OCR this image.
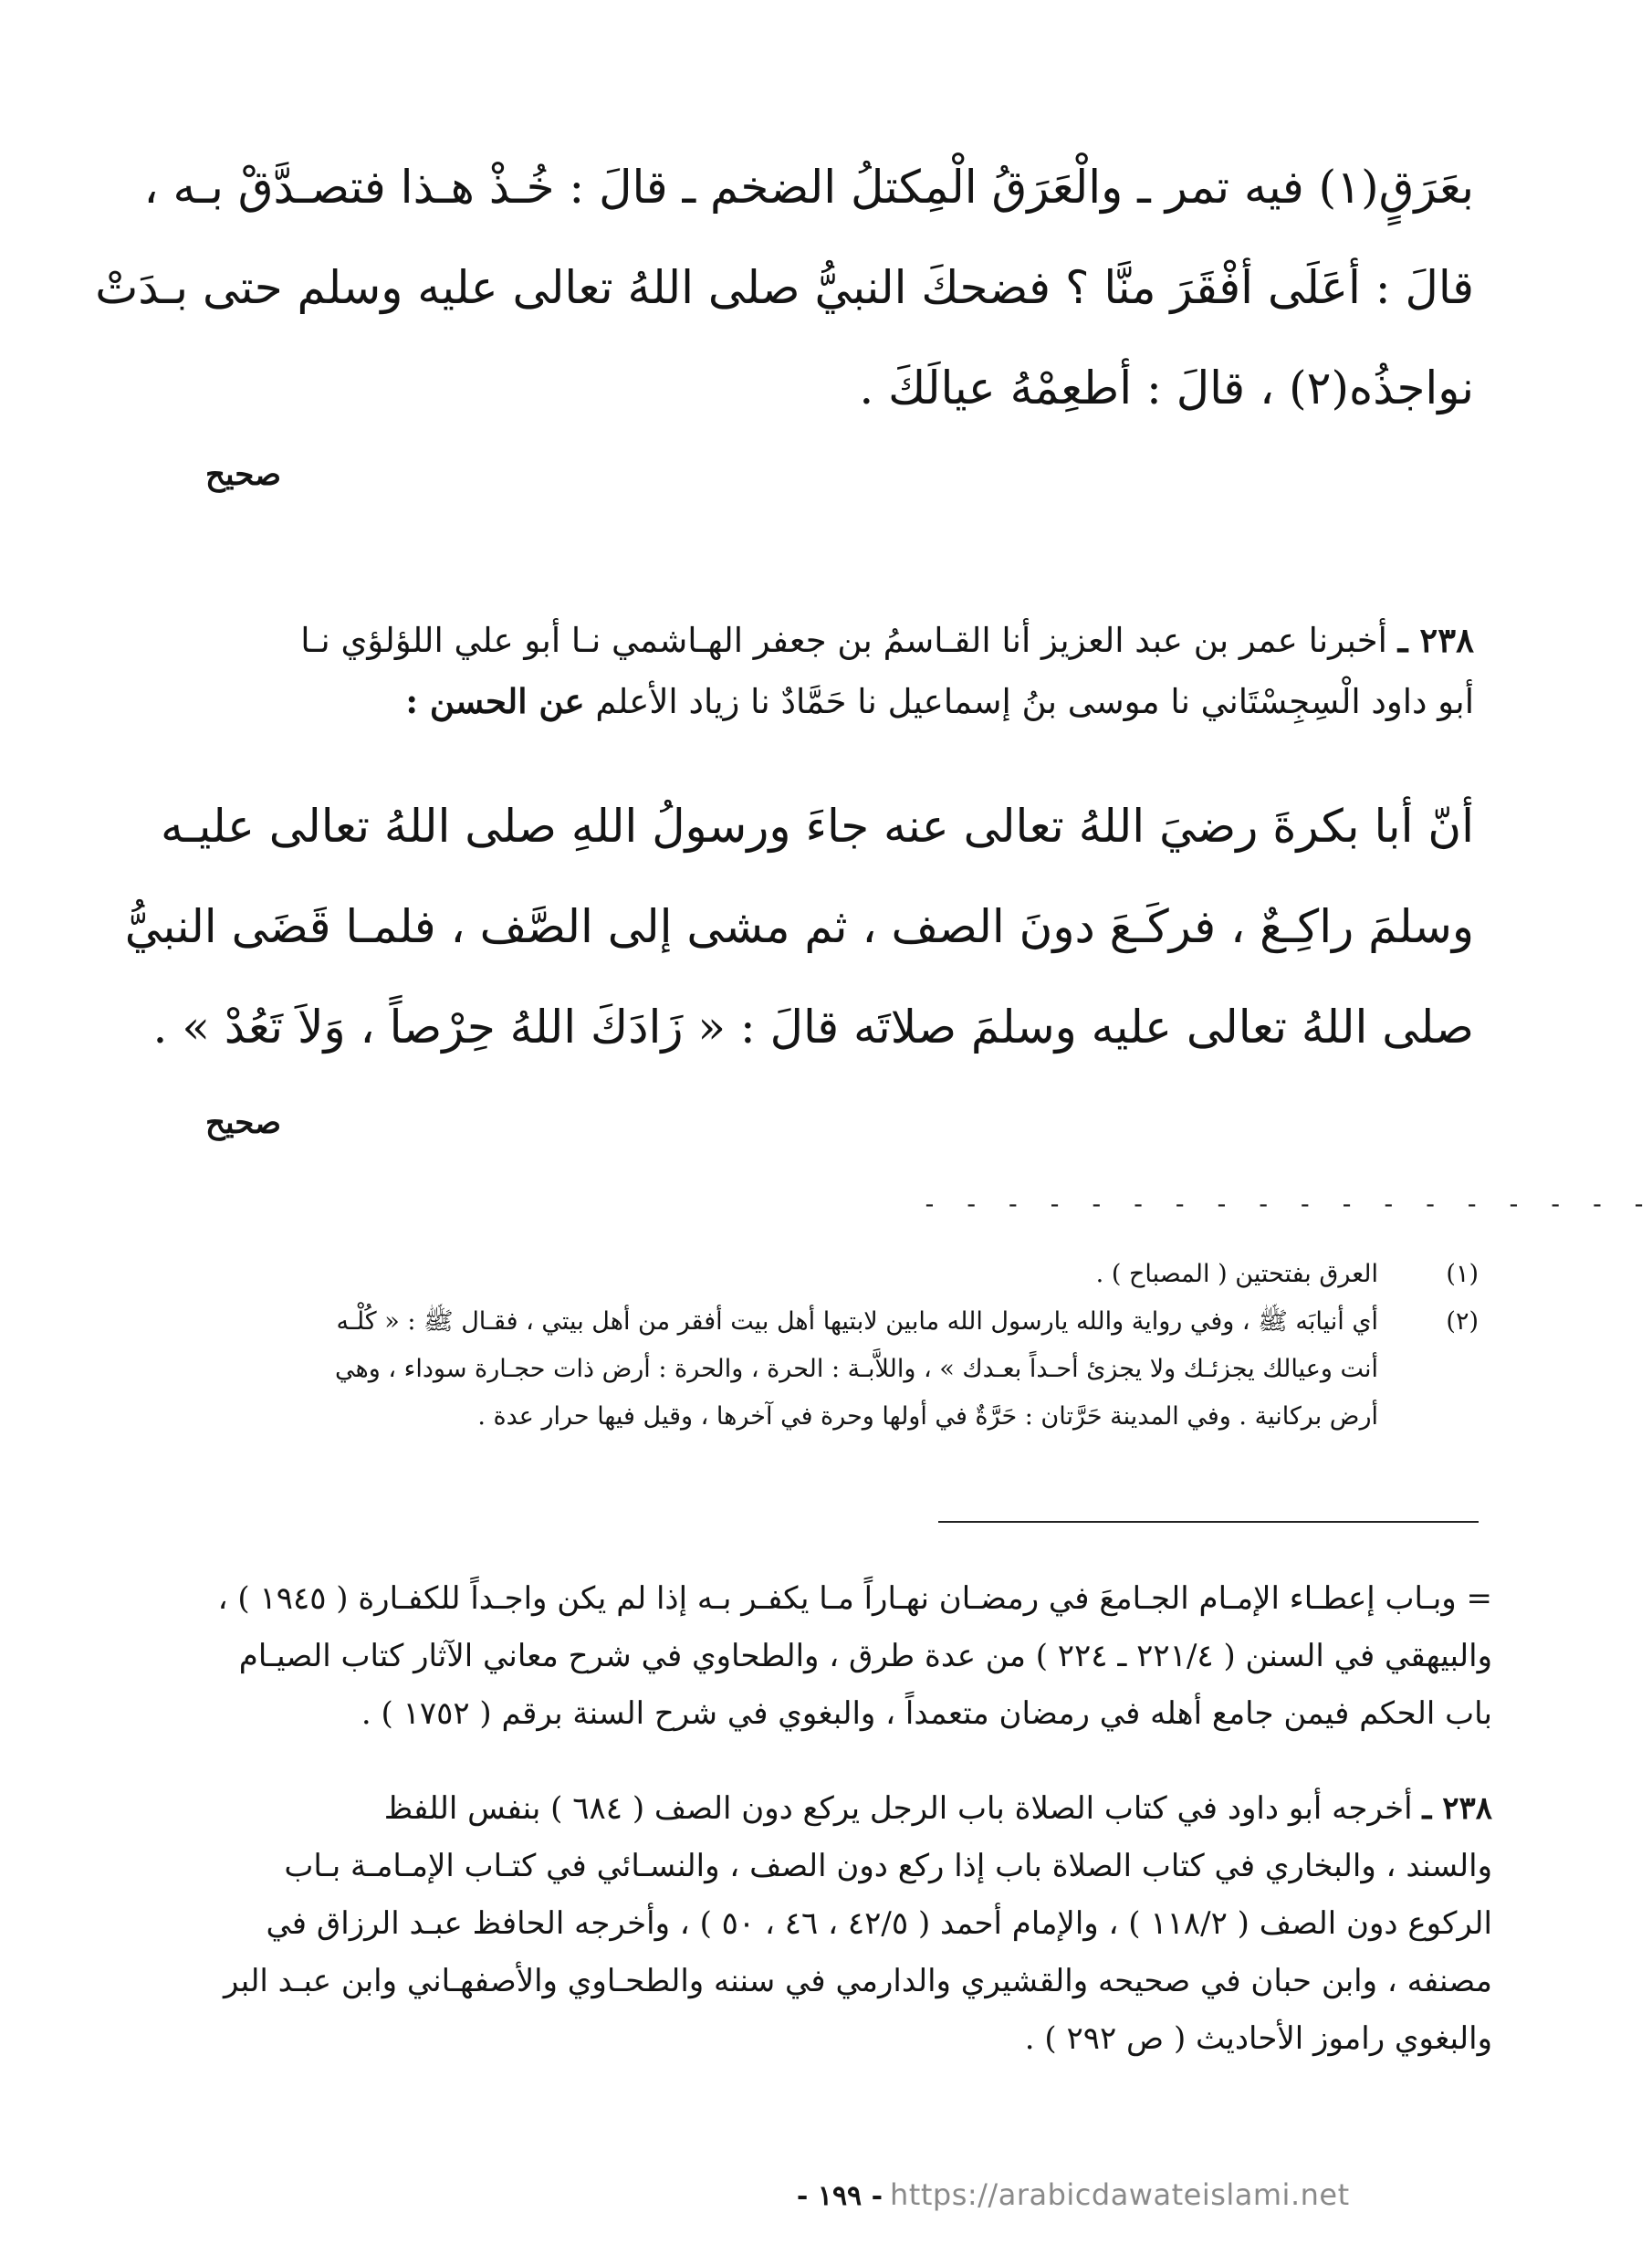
بعَرَقٍ(١) فيه تمر ـ والْعَرَقُ الْمِكتلُ الضخم ـ قالَ : خُـذْ هـذا فتصـدَّقْ بـه ،
قالَ : أعَلَى أفْقَرَ منَّا ؟ فضحكَ النبيُّ صلى اللهُ تعالى عليه وسلم حتى بـدَتْ
نواجذُه(٢) ، قالَ : أطعِمْهُ عيالَكَ .
صحيح
٢٣٨ ـ أخبرنا عمر بن عبد العزيز أنا القـاسمُ بن جعفر الهـاشمي نـا أبو علي اللؤلؤي نـا
أبو داود الْسِجِسْتَاني نا موسى بنُ إسماعيل نا حَمَّادٌ نا زياد الأعلم عن الحسن :
أنّ أبا بكرةَ رضيَ اللهُ تعالى عنه جاءَ ورسولُ اللهِ صلى اللهُ تعالى عليـه
وسلمَ راكِـعٌ ، فركَـعَ دونَ الصف ، ثم مشى إلى الصَّف ، فلمـا قَضَى النبيُّ
صلى اللهُ تعالى عليه وسلمَ صلاتَه قالَ : « زَادَكَ اللهُ حِرْصاً ، وَلاَ تَعُدْ » .
صحيح
- - - - - - - - - - - - - - - - - -
(١)
العرق بفتحتين ( المصباح ) .
(٢)
أي أنيابَه ﷺ ، وفي رواية والله يارسول الله مابين لابتيها أهل بيت أفقر من أهل بيتي ، فقـال ﷺ : « كُلْـه
أنت وعيالك يجزئـك ولا يجزئ أحـداً بعـدك » ، واللاَّبـة : الحرة ، والحرة : أرض ذات حجـارة سوداء ، وهي
أرض بركانية . وفي المدينة حَرَّتان : حَرَّةٌ في أولها وحرة في آخرها ، وقيل فيها حرار عدة .
= وبـاب إعطـاء الإمـام الجـامعَ في رمضـان نهـاراً مـا يكفـر بـه إذا لم يكن واجـداً للكفـارة ( ١٩٤٥ ) ،
والبيهقي في السنن ( ٢٢١/٤ ـ ٢٢٤ ) من عدة طرق ، والطحاوي في شرح معاني الآثار كتاب الصيـام
باب الحكم فيمن جامع أهله في رمضان متعمداً ، والبغوي في شرح السنة برقم ( ١٧٥٢ ) .
٢٣٨ ـ أخرجه أبو داود في كتاب الصلاة باب الرجل يركع دون الصف ( ٦٨٤ ) بنفس اللفظ
والسند ، والبخاري في كتاب الصلاة باب إذا ركع دون الصف ، والنسـائي في كتـاب الإمـامـة بـاب
الركوع دون الصف ( ١١٨/٢ ) ، والإمام أحمد ( ٤٢/٥ ، ٤٦ ، ٥٠ ) ، وأخرجه الحافظ عبـد الرزاق في
مصنفه ، وابن حبان في صحيحه والقشيري والدارمي في سننه والطحـاوي والأصفهـاني وابن عبـد البر
والبغوي راموز الأحاديث ( ص ٢٩٢ ) .
- ١٩٩ - https://arabicdawateislami.net
